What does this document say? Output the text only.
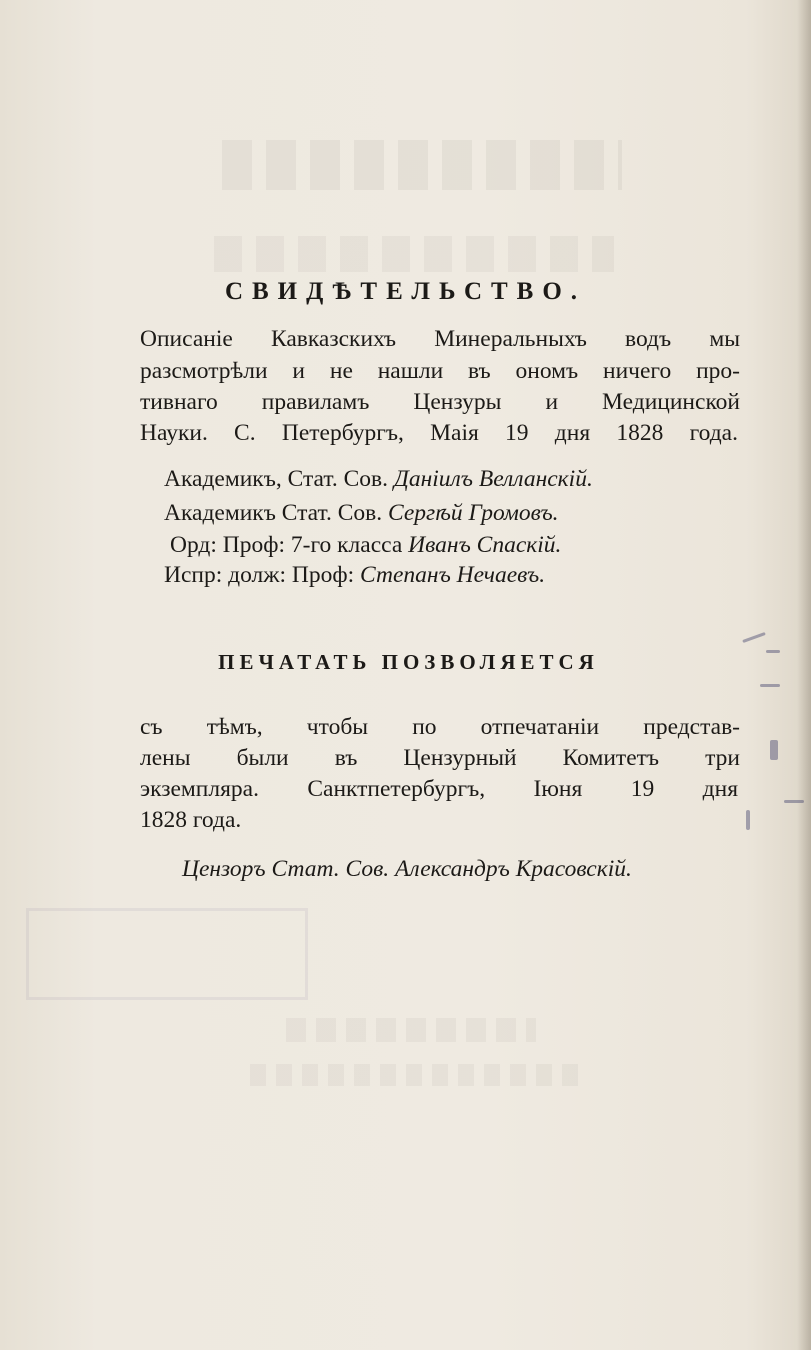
СВИДѢТЕЛЬСТВО.
Описаніе Кавказскихъ Минеральныхъ водъ мы
разсмотрѣли и не нашли въ ономъ ничего про-
тивнаго правиламъ Цензуры и Медицинской
Науки. С. Петербургъ, Маія 19 дня 1828 года.
Академикъ, Стат. Сов. Даніилъ Велланскій.
Академикъ Стат. Сов. Сергѣй Громовъ.
Орд: Проф: 7-го класса Иванъ Спаскій.
Испр: долж: Проф: Степанъ Нечаевъ.
ПЕЧАТАТЬ ПОЗВОЛЯЕТСЯ
съ тѣмъ, чтобы по отпечатаніи представ-
лены были въ Цензурный Комитетъ три
экземпляра. Санктпетербургъ, Іюня 19 дня
1828 года.
Цензоръ Стат. Сов. Александръ Красовскій.
